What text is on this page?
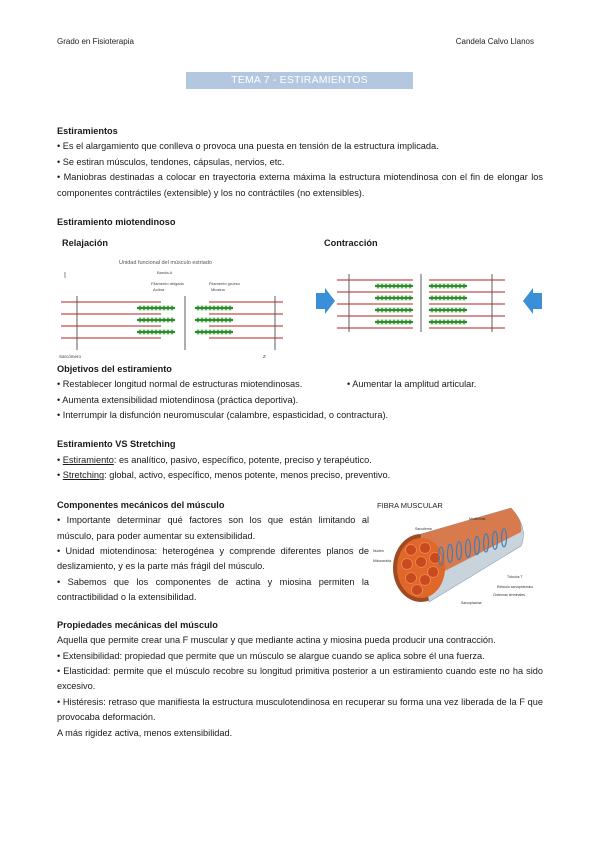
Grado en Fisioterapia	Candela Calvo Llanos
TEMA 7 - ESTIRAMIENTOS MIOTENDINOSOS

Estiramientos

• Es el alargamiento que conlleva o provoca una puesta en tensión de la estructura implicada.

• Se estiran músculos, tendones, cápsulas, nervios, etc.

• Maniobras destinadas a colocar en trayectoria externa máxima la estructura miotendinosa con el fin de elongar los componentes contráctiles (extensible) y los no contráctiles (no extensibles).

Estiramiento miotendinoso

Relajación	Contracción
Unidad funcional del músculo estriado
Banda A
Filamento delgado
Actina
Filamento grueso
Miosina
Sarcómero	Z

Objetivos del estiramiento

• Restablecer longitud normal de estructuras miotendinosas.	• Aumentar la amplitud articular.

• Aumenta extensibilidad miotendinosa (práctica deportiva).

• Interrumpir la disfunción neuromuscular (calambre, espasticidad, o contractura).

Estiramiento VS Stretching

• Estiramiento: es analítico, pasivo, específico, potente, preciso y terapéutico.

• Stretching: global, activo, específico, menos potente, menos preciso, preventivo.

Componentes mecánicos del músculo

• Importante determinar qué factores son los que están limitando al músculo, para poder aumentar su extensibilidad.

• Unidad miotendinosa: heterogénea y comprende diferentes planos de deslizamiento, y es la parte más frágil del músculo.

• Sabemos que los componentes de actina y miosina permiten la contractibilidad o la extensibilidad.

FIBRA MUSCULAR
Miofibrillas
Sarcolema
Núcleo
Mitocondria
Túbulos T
Retículo sarcoplásmico
Cisternas terminales
Sarcoplasma

Propiedades mecánicas del músculo

Aquella que permite crear una F muscular y que mediante actina y miosina pueda producir una contracción.

• Extensibilidad: propiedad que permite que un músculo se alargue cuando se aplica sobre él una fuerza.

• Elasticidad: permite que el músculo recobre su longitud primitiva posterior a un estiramiento cuando este no ha sido excesivo.

• Histéresis: retraso que manifiesta la estructura musculotendinosa en recuperar su forma una vez liberada de la F que provocaba deformación.

A más rigidez activa, menos extensibilidad.
